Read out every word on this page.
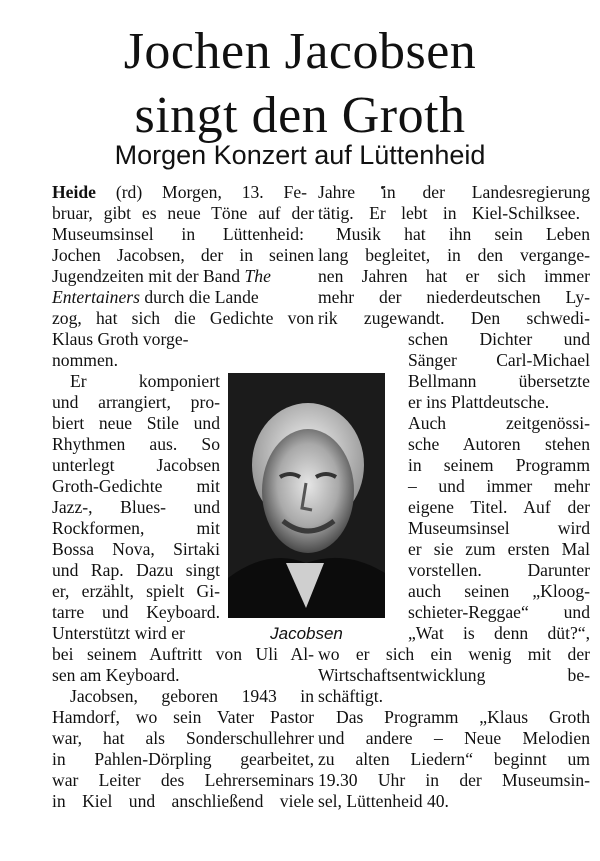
Jochen Jacobsen
singt den Groth
Morgen Konzert auf Lüttenheid
Heide (rd) Morgen, 13. Fe-
bruar, gibt es neue Töne auf der
Museumsinsel in Lüttenheid:
Jochen Jacobsen, der in seinen
Jugendzeiten mit der Band The
Entertainers durch die Lande
zog, hat sich die Gedichte von
Klaus Groth vorge-
nommen.
Er komponiert
und arrangiert, pro-
biert neue Stile und
Rhythmen aus. So
unterlegt Jacobsen
Groth-Gedichte mit
Jazz-, Blues- und
Rockformen, mit
Bossa Nova, Sirtaki
und Rap. Dazu singt
er, erzählt, spielt Gi-
tarre und Keyboard.
Unterstützt wird er
bei seinem Auftritt von Uli Al-
sen am Keyboard.
Jacobsen, geboren 1943 in
Hamdorf, wo sein Vater Pastor
war, hat als Sonderschullehrer
in Pahlen-Dörpling gearbeitet,
war Leiter des Lehrerseminars
in Kiel und anschließend viele
Jacobsen
Jahre in der Landesregierung
tätig. Er lebt in Kiel-Schilksee.
Musik hat ihn sein Leben
lang begleitet, in den vergange-
nen Jahren hat er sich immer
mehr der niederdeutschen Ly-
rik zugewandt. Den schwedi-
schen Dichter und
Sänger Carl-Michael
Bellmann übersetzte
er ins Plattdeutsche.
Auch zeitgenössi-
sche Autoren stehen
in seinem Programm
– und immer mehr
eigene Titel. Auf der
Museumsinsel wird
er sie zum ersten Mal
vorstellen. Darunter
auch seinen „Kloog-
schieter-Reggae“ und
„Wat is denn düt?“,
wo er sich ein wenig mit der
Wirtschaftsentwicklung be-
schäftigt.
Das Programm „Klaus Groth
und andere – Neue Melodien
zu alten Liedern“ beginnt um
19.30 Uhr in der Museumsin-
sel, Lüttenheid 40.
